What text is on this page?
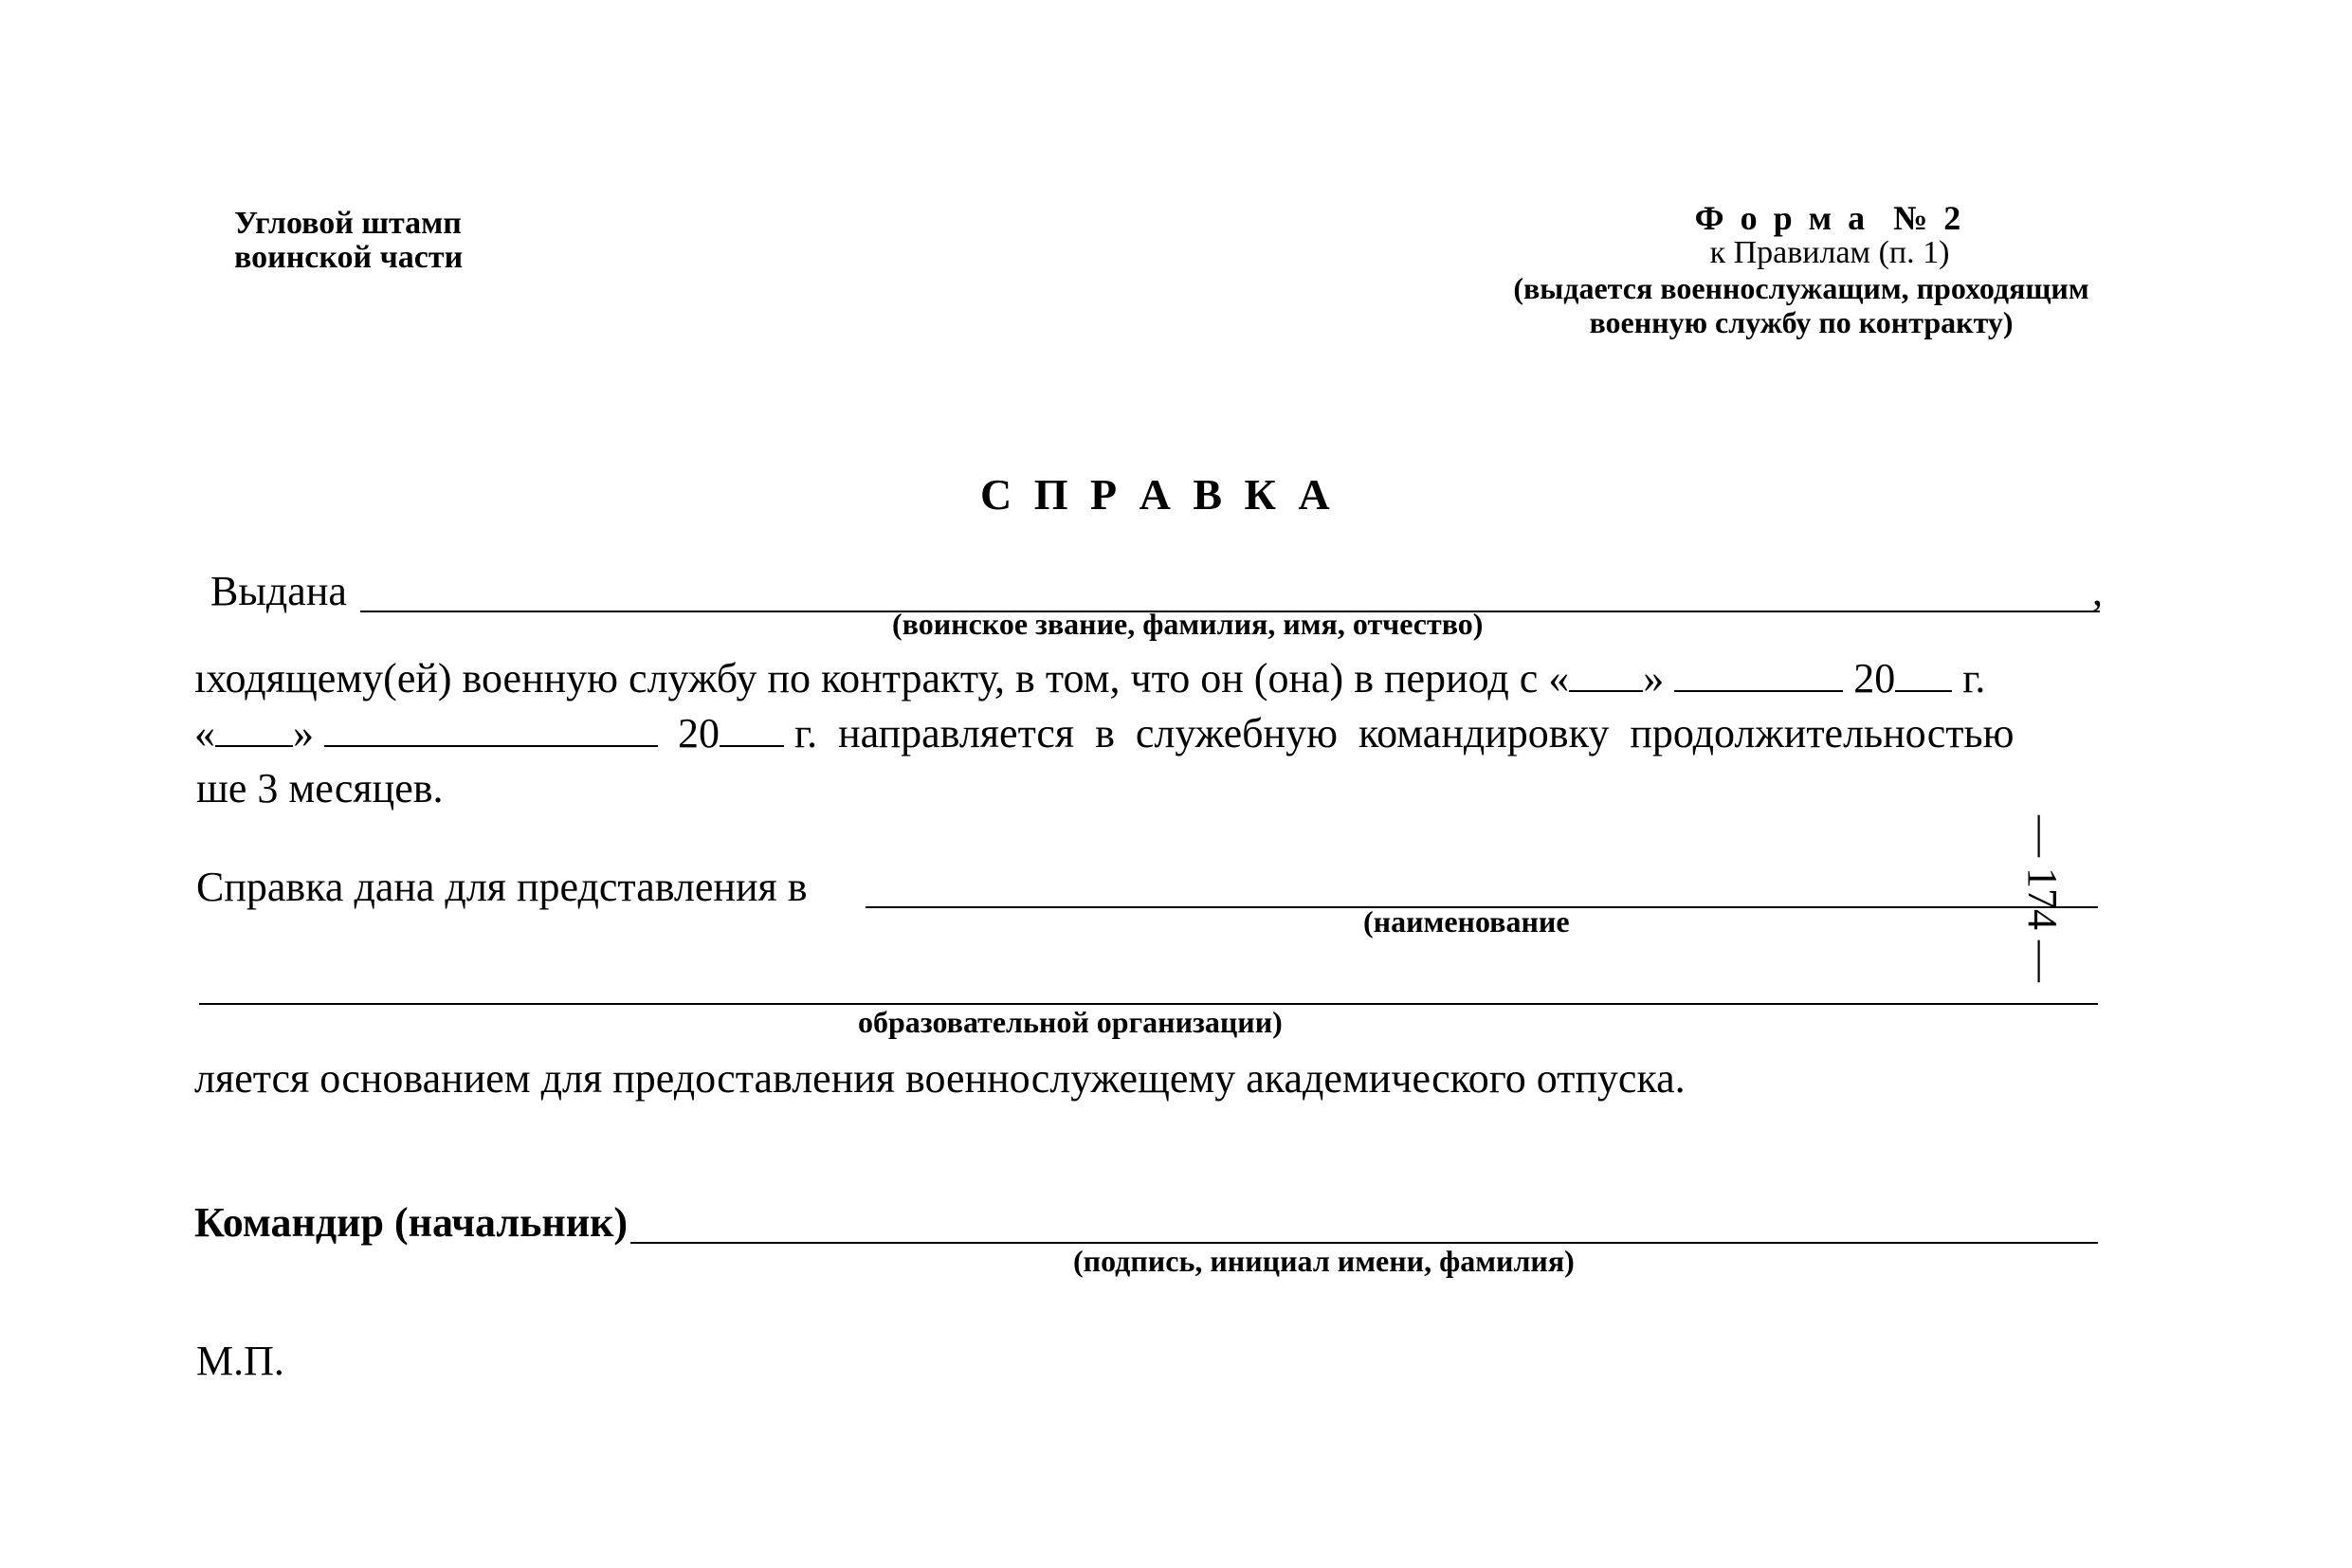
Угловой штамп
воинской части
Ф о р м а  № 2
к Правилам (п. 1)
(выдается военнослужащим, проходящим
военную службу по контракту)
С П Р А В К А
Выдана	,
(воинское звание, фамилия, имя, отчество)
ıходящему(ей) военную службу по контракту, в том, что он (она) в период с « »	20 г.
« »	20 г.  направляется  в  служебную  командировку  продолжительностью
ше 3 месяцев.
Справка дана для представления в
(наименование
образовательной организации)
ляется основанием для предоставления военнослужещему академического отпуска.
Командир (начальник)
(подпись, инициал имени, фамилия)
М.П.
— 174 —
